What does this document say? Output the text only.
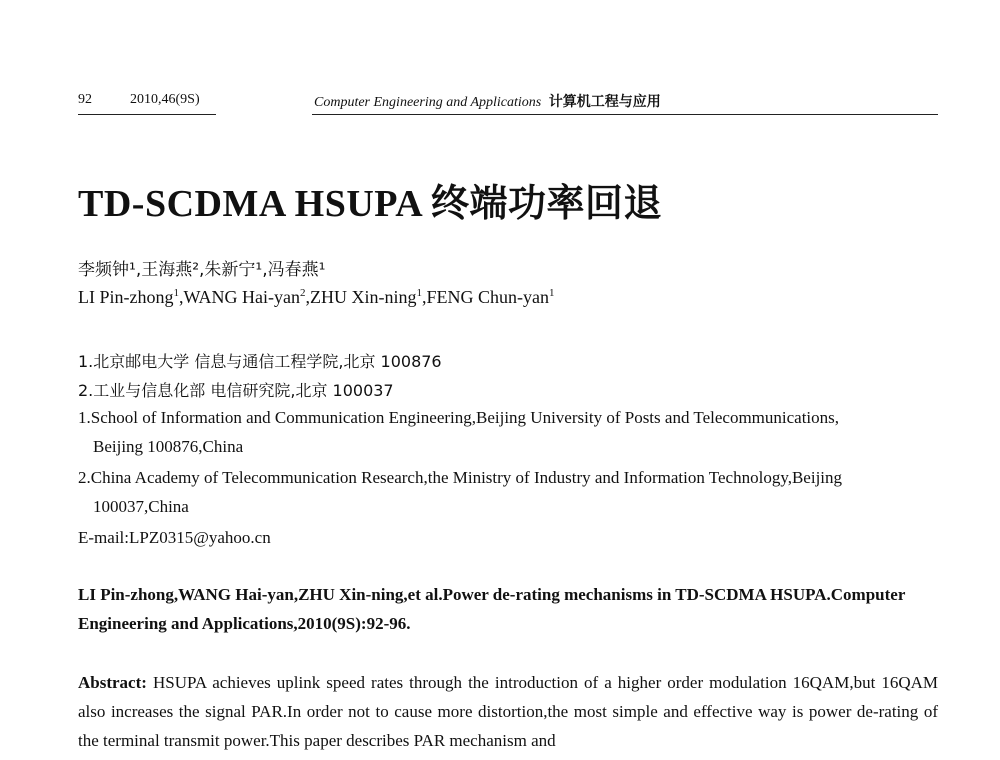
92	2010,46(9S)	Computer Engineering and Applications 计算机工程与应用
TD-SCDMA HSUPA 终端功率回退
李频钟¹,王海燕²,朱新宁¹,冯春燕¹
LI Pin-zhong$^1$,WANG Hai-yan$^2$,ZHU Xin-ning$^1$,FENG Chun-yan$^1$
1.北京邮电大学 信息与通信工程学院,北京 100876
2.工业与信息化部 电信研究院,北京 100037
1.School of Information and Communication Engineering,Beijing University of Posts and Telecommunications,
Beijing 100876,China
2.China Academy of Telecommunication Research,the Ministry of Industry and Information Technology,Beijing
100037,China
E-mail:LPZ0315@yahoo.cn
LI Pin-zhong,WANG Hai-yan,ZHU Xin-ning,et al.Power de-rating mechanisms in TD-SCDMA HSUPA.Computer Engineering and Applications,2010(9S):92-96.
Abstract: HSUPA achieves uplink speed rates through the introduction of a higher order modulation 16QAM,but 16QAM also increases the signal PAR.In order not to cause more distortion,the most simple and effective way is power de-rating of the terminal transmit power.This paper describes PAR mechanism and
